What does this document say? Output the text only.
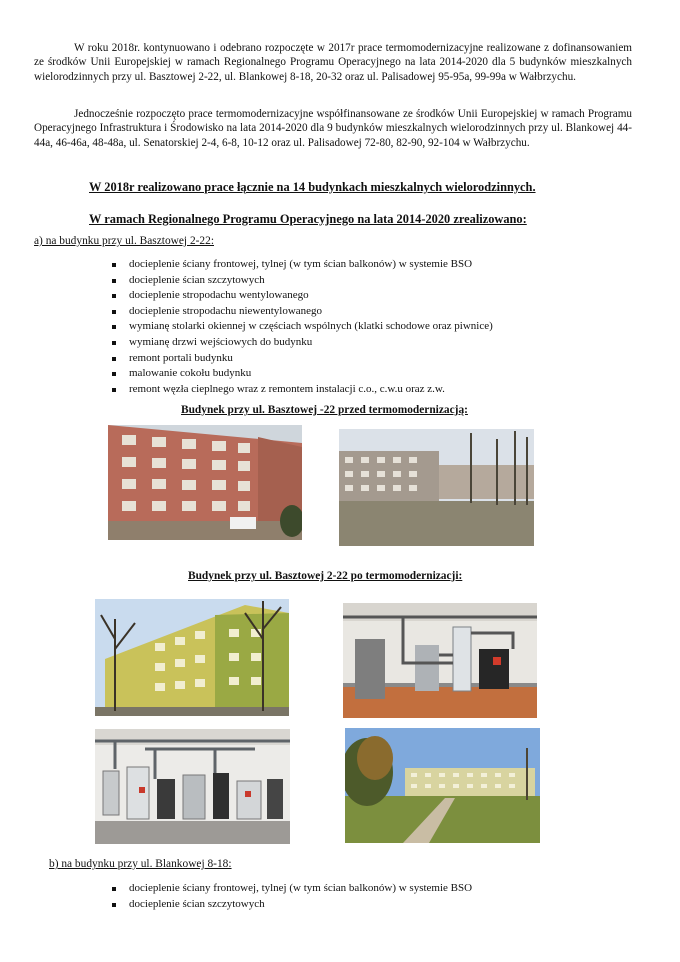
W roku 2018r. kontynuowano i odebrano rozpoczęte w 2017r prace termomodernizacyjne realizowane z dofinansowaniem ze środków Unii Europejskiej w ramach Regionalnego Programu Operacyjnego na lata 2014-2020 dla 5 budynków mieszkalnych wielorodzinnych przy ul. Basztowej 2-22, ul. Blankowej 8-18, 20-32 oraz ul. Palisadowej 95-95a, 99-99a w Wałbrzychu.

Jednocześnie rozpoczęto prace termomodernizacyjne współfinansowane ze środków Unii Europejskiej w ramach Programu Operacyjnego Infrastruktura i Środowisko na lata 2014-2020 dla 9 budynków mieszkalnych wielorodzinnych przy ul. Blankowej 44-44a, 46-46a, 48-48a, ul. Senatorskiej 2-4, 6-8, 10-12 oraz ul. Palisadowej 72-80, 82-90, 92-104 w Wałbrzychu.

W 2018r realizowano prace łącznie na 14 budynkach mieszkalnych wielorodzinnych.

W ramach Regionalnego Programu Operacyjnego na lata 2014-2020 zrealizowano:

a) na budynku przy ul. Basztowej 2-22:

docieplenie ściany frontowej, tylnej (w tym ścian balkonów) w systemie BSO
docieplenie ścian szczytowych
docieplenie stropodachu wentylowanego
docieplenie stropodachu niewentylowanego
wymianę stolarki okiennej w częściach wspólnych (klatki schodowe oraz piwnice)
wymianę drzwi wejściowych do budynku
remont portali budynku
malowanie cokołu budynku
remont węzła cieplnego wraz z remontem instalacji c.o., c.w.u oraz z.w.

Budynek przy ul. Basztowej -22 przed termomodernizacją:

Budynek przy ul. Basztowej 2-22 po termomodernizacji:

b) na budynku przy ul. Blankowej 8-18:

docieplenie ściany frontowej, tylnej (w tym ścian balkonów) w systemie BSO
docieplenie ścian szczytowych
